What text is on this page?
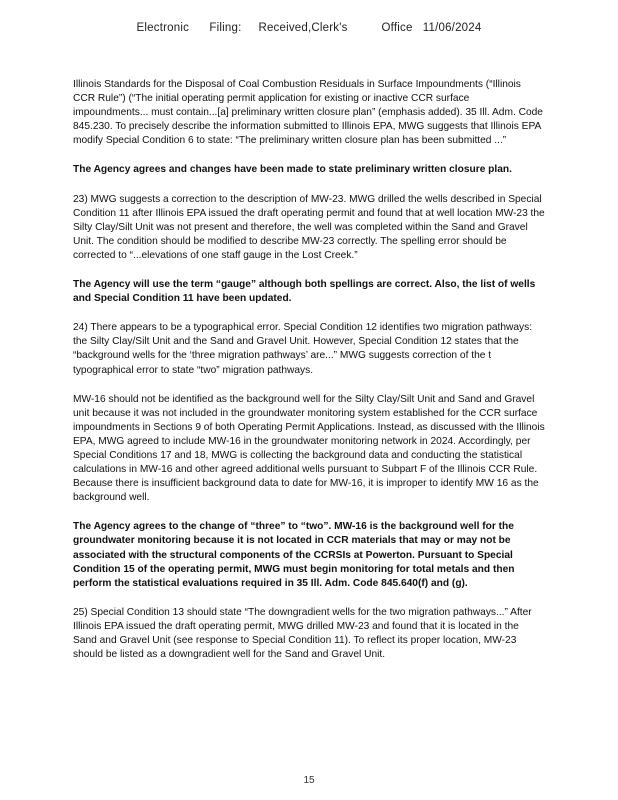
Electronic      Filing:     Received,Clerk's          Office   11/06/2024

Illinois Standards for the Disposal of Coal Combustion Residuals in Surface Impoundments (“Illinois CCR Rule”) (“The initial operating permit application for existing or inactive CCR surface impoundments... must contain...[a] preliminary written closure plan” (emphasis added). 35 Ill. Adm. Code 845.230. To precisely describe the information submitted to Illinois EPA, MWG suggests that Illinois EPA modify Special Condition 6 to state: “The preliminary written closure plan has been submitted ...”

The Agency agrees and changes have been made to state preliminary written closure plan.

23) MWG suggests a correction to the description of MW-23. MWG drilled the wells described in Special Condition 11 after Illinois EPA issued the draft operating permit and found that at well location MW-23 the Silty Clay/Silt Unit was not present and therefore, the well was completed within the Sand and Gravel Unit. The condition should be modified to describe MW-23 correctly. The spelling error should be corrected to “...elevations of one staff gauge in the Lost Creek.”

The Agency will use the term “gauge” although both spellings are correct. Also, the list of wells and Special Condition 11 have been updated.

24) There appears to be a typographical error. Special Condition 12 identifies two migration pathways: the Silty Clay/Silt Unit and the Sand and Gravel Unit. However, Special Condition 12 states that the “background wells for the ‘three migration pathways’ are...” MWG suggests correction of the t typographical error to state “two” migration pathways.

MW-16 should not be identified as the background well for the Silty Clay/Silt Unit and Sand and Gravel unit because it was not included in the groundwater monitoring system established for the CCR surface impoundments in Sections 9 of both Operating Permit Applications. Instead, as discussed with the Illinois EPA, MWG agreed to include MW-16 in the groundwater monitoring network in 2024. Accordingly, per Special Conditions 17 and 18, MWG is collecting the background data and conducting the statistical calculations in MW-16 and other agreed additional wells pursuant to Subpart F of the Illinois CCR Rule. Because there is insufficient background data to date for MW-16, it is improper to identify MW 16 as the background well.

The Agency agrees to the change of “three” to “two”. MW-16 is the background well for the groundwater monitoring because it is not located in CCR materials that may or may not be associated with the structural components of the CCRSIs at Powerton. Pursuant to Special Condition 15 of the operating permit, MWG must begin monitoring for total metals and then perform the statistical evaluations required in 35 Ill. Adm. Code 845.640(f) and (g).

25) Special Condition 13 should state “The downgradient wells for the two migration pathways...” After Illinois EPA issued the draft operating permit, MWG drilled MW-23 and found that it is located in the Sand and Gravel Unit (see response to Special Condition 11). To reflect its proper location, MW-23 should be listed as a downgradient well for the Sand and Gravel Unit.

15
